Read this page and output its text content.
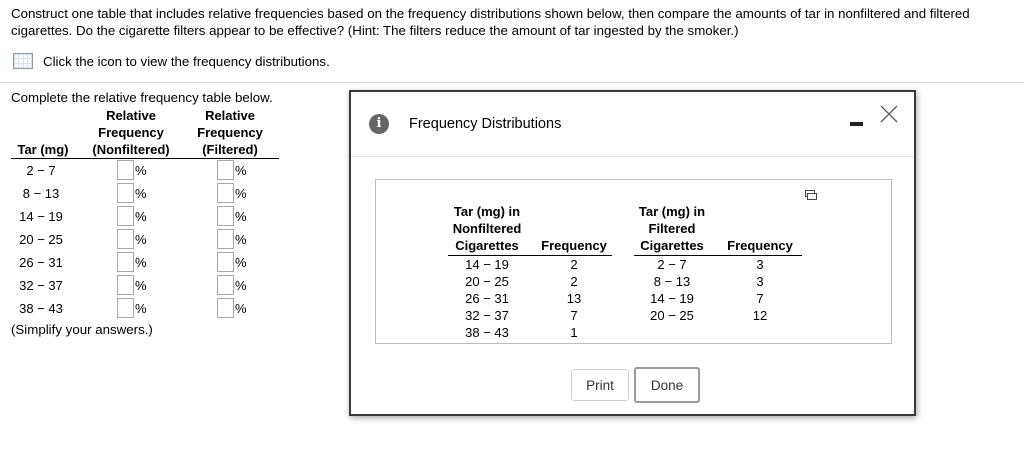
Construct one table that includes relative frequencies based on the frequency distributions shown below, then compare the amounts of tar in nonfiltered and filtered cigarettes. Do the cigarette filters appear to be effective? (Hint: The filters reduce the amount of tar ingested by the smoker.)
Click the icon to view the frequency distributions.
Complete the relative frequency table below.
Tar (mg)
Relative
Frequency
(Nonfiltered)
Relative
Frequency
(Filtered)
2 − 7	%	%
8 − 13	%	%
14 − 19	%	%
20 − 25	%	%
26 − 31	%	%
32 − 37	%	%
38 − 43	%	%
(Simplify your answers.)
i	Frequency Distributions
Tar (mg) in
Nonfiltered
Cigarettes	Frequency
14 − 19	2
20 − 25	2
26 − 31	13
32 − 37	7
38 − 43	1
Tar (mg) in
Filtered
Cigarettes	Frequency
2 − 7	3
8 − 13	3
14 − 19	7
20 − 25	12
Print	Done
